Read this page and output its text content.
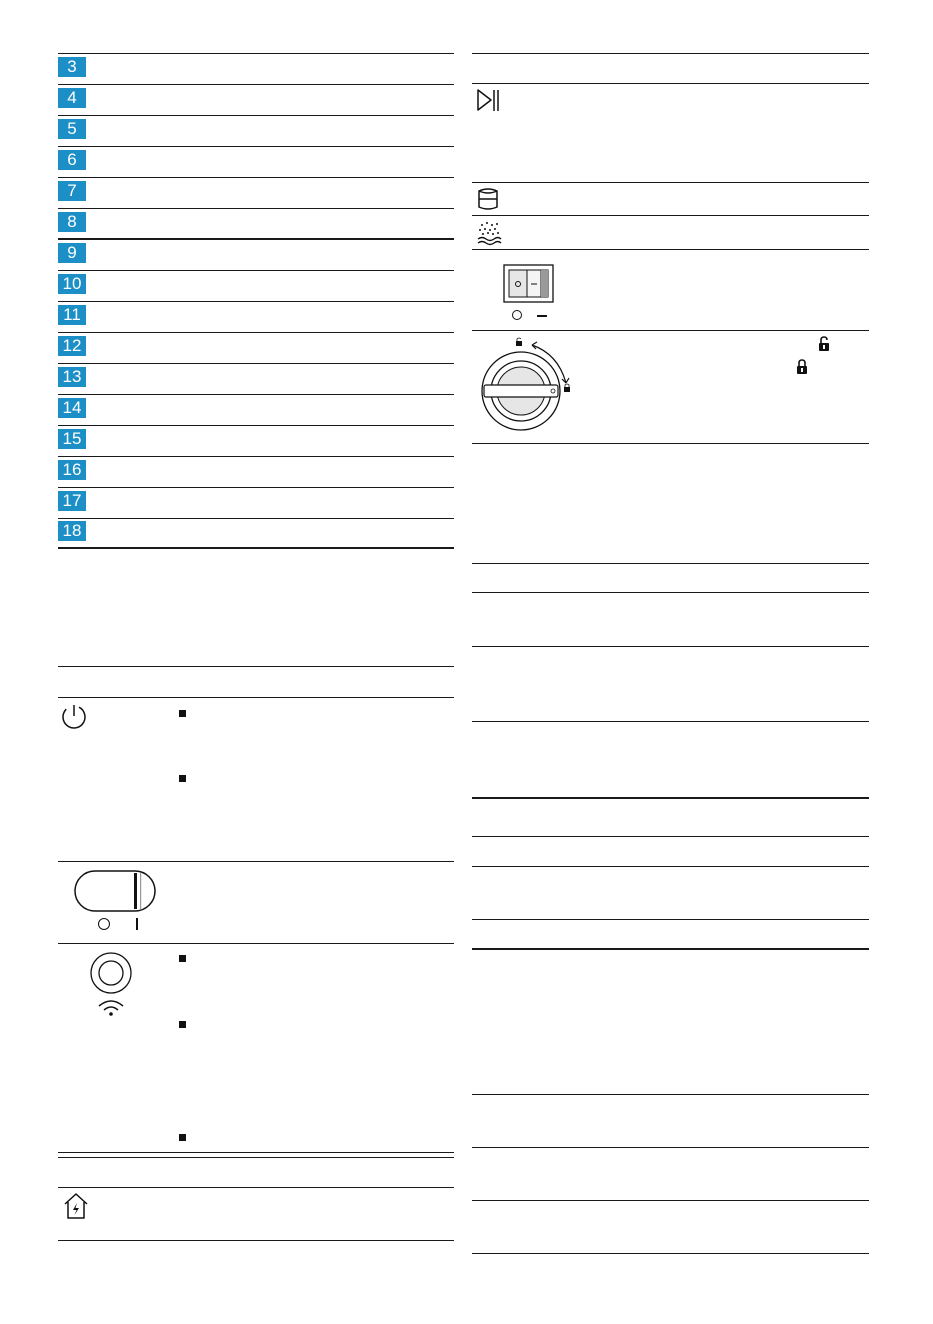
3
4
5
6
7
8
9
10
11
12
13
14
15
16
17
18
